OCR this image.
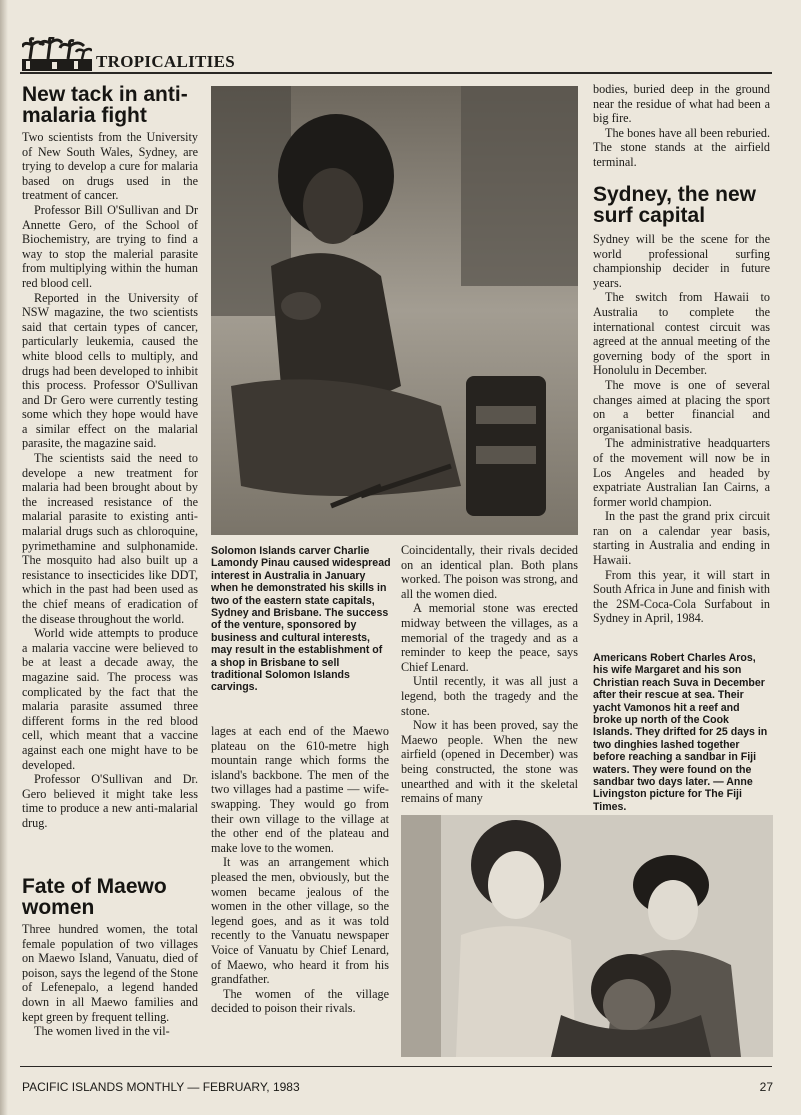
TROPICALITIES
New tack in anti-malaria fight

Two scientists from the University of New South Wales, Sydney, are trying to develop a cure for malaria based on drugs used in the treatment of cancer.

Professor Bill O'Sullivan and Dr Annette Gero, of the School of Biochemistry, are trying to find a way to stop the malerial parasite from multiplying within the human red blood cell.

Reported in the University of NSW magazine, the two scientists said that certain types of cancer, particularly leukemia, caused the white blood cells to multiply, and drugs had been developed to inhibit this process. Professor O'Sullivan and Dr Gero were currently testing some which they hope would have a similar effect on the malarial parasite, the magazine said.

The scientists said the need to develope a new treatment for malaria had been brought about by the increased resistance of the malarial parasite to existing anti-malarial drugs such as chloroquine, pyrimethamine and sulphonamide. The mosquito had also built up a resistance to insecticides like DDT, which in the past had been used as the chief means of eradication of the disease throughout the world.

World wide attempts to produce a malaria vaccine were believed to be at least a decade away, the magazine said. The process was complicated by the fact that the malaria parasite assumed three different forms in the red blood cell, which meant that a vaccine against each one might have to be developed.

Professor O'Sullivan and Dr. Gero believed it might take less time to produce a new anti-malarial drug.

Fate of Maewo women

Three hundred women, the total female population of two villages on Maewo Island, Vanuatu, died of poison, says the legend of the Stone of Lefenepalo, a legend handed down in all Maewo families and kept green by frequent telling.

The women lived in the vil-

Solomon Islands carver Charlie Lamondy Pinau caused widespread interest in Australia in January when he demonstrated his skills in two of the eastern state capitals, Sydney and Brisbane. The success of the venture, sponsored by business and cultural interests, may result in the establishment of a shop in Brisbane to sell traditional Solomon Islands carvings.

lages at each end of the Maewo plateau on the 610-metre high mountain range which forms the island's backbone. The men of the two villages had a pastime — wife-swapping. They would go from their own village to the village at the other end of the plateau and make love to the women.

It was an arrangement which pleased the men, obviously, but the women became jealous of the women in the other village, so the legend goes, and as it was told recently to the Vanuatu newspaper Voice of Vanuatu by Chief Lenard, of Maewo, who heard it from his grandfather.

The women of the village decided to poison their rivals.

Coincidentally, their rivals decided on an identical plan. Both plans worked. The poison was strong, and all the women died.

A memorial stone was erected midway between the villages, as a memorial of the tragedy and as a reminder to keep the peace, says Chief Lenard.

Until recently, it was all just a legend, both the tragedy and the stone.

Now it has been proved, say the Maewo people. When the new airfield (opened in December) was being constructed, the stone was unearthed and with it the skeletal remains of many

bodies, buried deep in the ground near the residue of what had been a big fire.

The bones have all been reburied. The stone stands at the airfield terminal.

Sydney, the new surf capital

Sydney will be the scene for the world professional surfing championship decider in future years.

The switch from Hawaii to Australia to complete the international contest circuit was agreed at the annual meeting of the governing body of the sport in Honolulu in December.

The move is one of several changes aimed at placing the sport on a better financial and organisational basis.

The administrative headquarters of the movement will now be in Los Angeles and headed by expatriate Australian Ian Cairns, a former world champion.

In the past the grand prix circuit ran on a calendar year basis, starting in Australia and ending in Hawaii.

From this year, it will start in South Africa in June and finish with the 2SM-Coca-Cola Surfabout in Sydney in April, 1984.

Americans Robert Charles Aros, his wife Margaret and his son Christian reach Suva in December after their rescue at sea. Their yacht Vamonos hit a reef and broke up north of the Cook Islands. They drifted for 25 days in two dinghies lashed together before reaching a sandbar in Fiji waters. They were found on the sandbar two days later. — Anne Livingston picture for The Fiji Times.
PACIFIC ISLANDS MONTHLY — FEBRUARY, 1983	27
